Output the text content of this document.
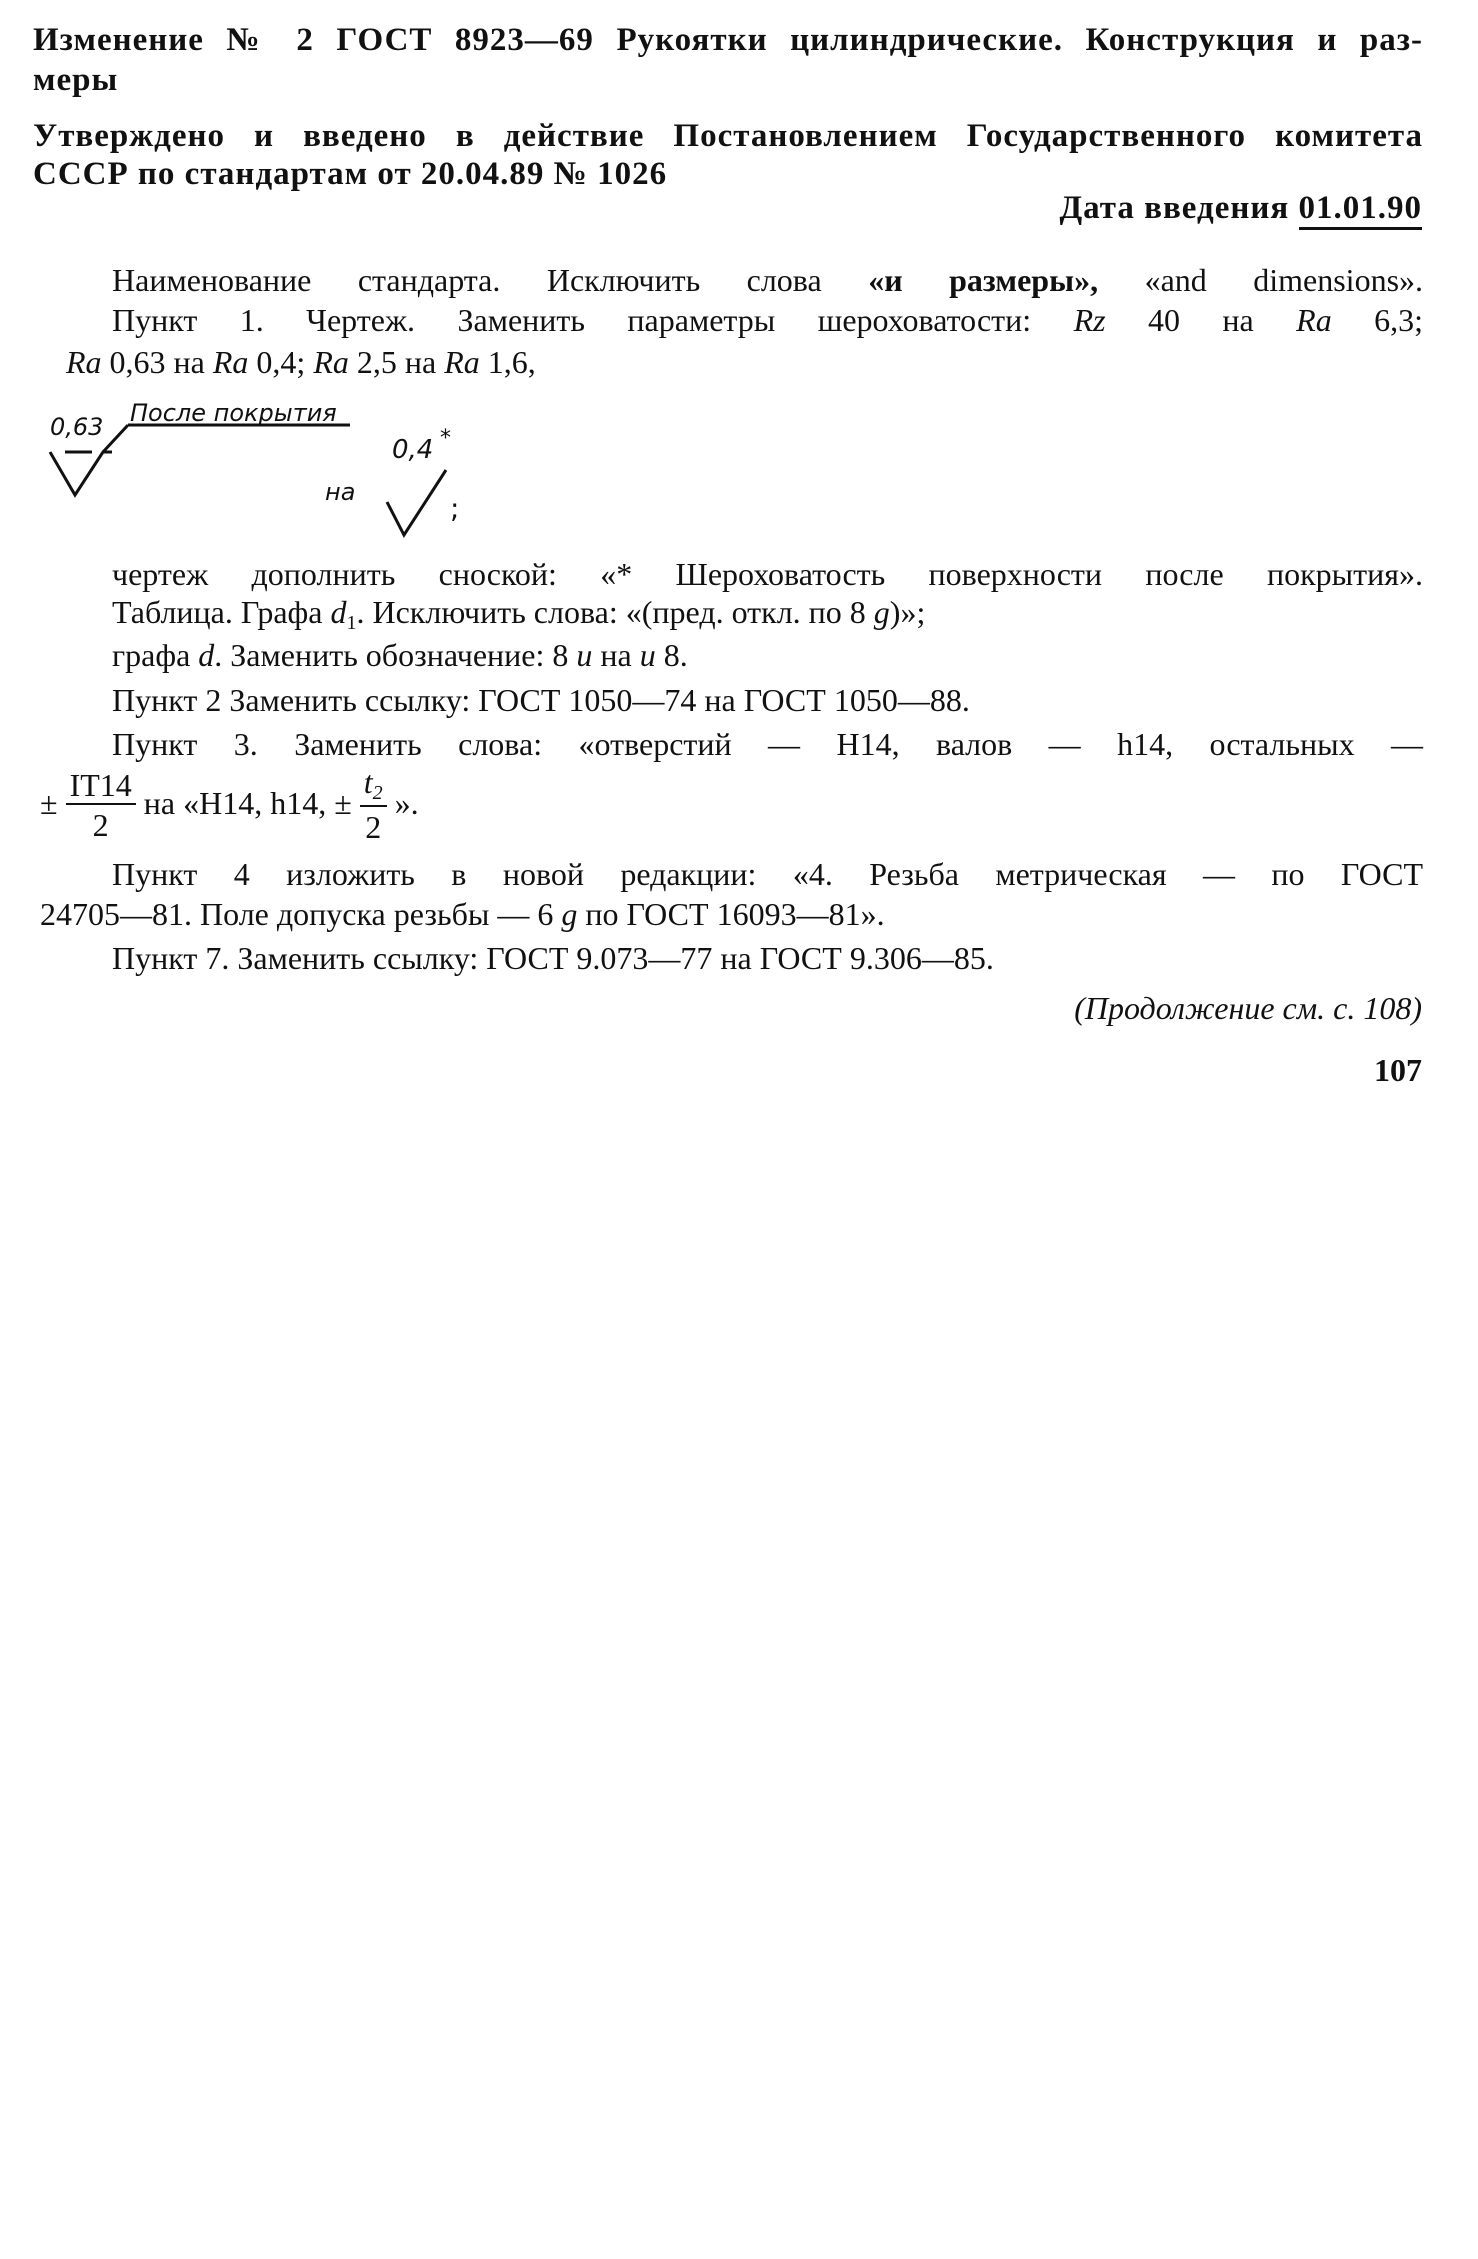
Изменение № 2 ГОСТ 8923—69 Рукоятки цилиндрические. Конструкция и раз-
меры
Утверждено и введено в действие Постановлением Государственного комитета
СССР по стандартам от 20.04.89 № 1026
Дата введения 01.01.90
Наименование стандарта. Исключить слова «и размеры», «and dimensions».
Пункт 1. Чертеж. Заменить параметры шероховатости: Rz 40 на Ra 6,3;
Ra 0,63 на Ra 0,4; Ra 2,5 на Ra 1,6,
0,63 После покрытия
на
0,4 *
;
чертеж дополнить сноской: «* Шероховатость поверхности после покрытия».
Таблица. Графа $d_1$. Исключить слова: «(пред. откл. по 8 g)»;
графа d. Заменить обозначение: 8 u на u 8.
Пункт 2 Заменить ссылку: ГОСТ 1050—74 на ГОСТ 1050—88.
Пункт 3. Заменить слова: «отверстий — Н14, валов — h14, остальных —
± $\frac{IT14}{2}$ на «Н14, h14, ± $\frac{t_2}{2}$ ».
Пункт 4 изложить в новой редакции: «4. Резьба метрическая — по ГОСТ
24705—81. Поле допуска резьбы — 6 g по ГОСТ 16093—81».
Пункт 7. Заменить ссылку: ГОСТ 9.073—77 на ГОСТ 9.306—85.
(Продолжение см. с. 108)
107
